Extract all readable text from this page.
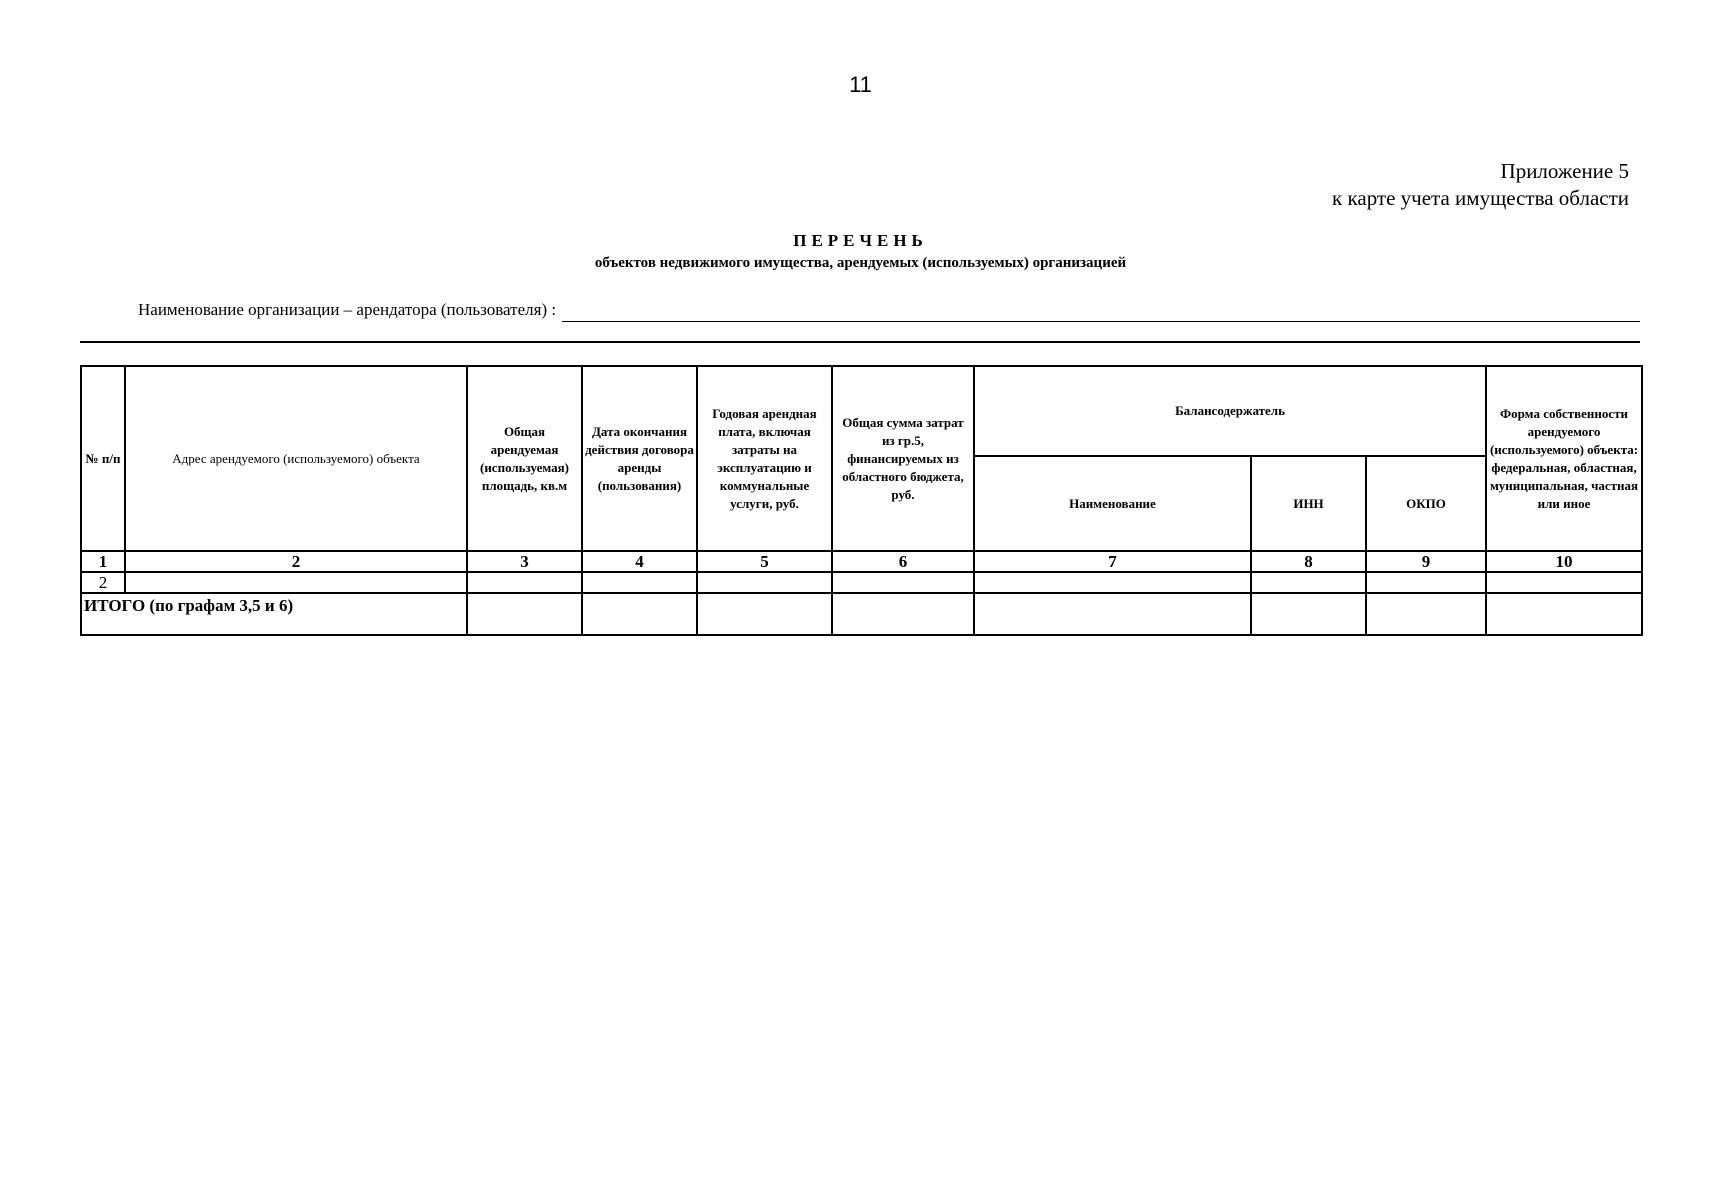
11
Приложение 5
к карте учета имущества области
ПЕРЕЧЕНЬ
объектов недвижимого имущества, арендуемых (используемых) организацией
Наименование организации – арендатора (пользователя) :
№ п/п	Адрес арендуемого (используемого) объекта	Общая арендуемая (используемая) площадь, кв.м	Дата окончания действия договора аренды (пользования)	Годовая арендная плата, включая затраты на эксплуатацию и коммунальные услуги, руб.	Общая сумма затрат из гр.5, финансируемых из областного бюджета, руб.	Балансодержатель			Форма собственности арендуемого (используемого) объекта: федеральная, областная, муниципальная, частная или иное
						Наименование	ИНН	ОКПО	
1	2	3	4	5	6	7	8	9	10
2									
ИТОГО (по графам 3,5 и 6)									
